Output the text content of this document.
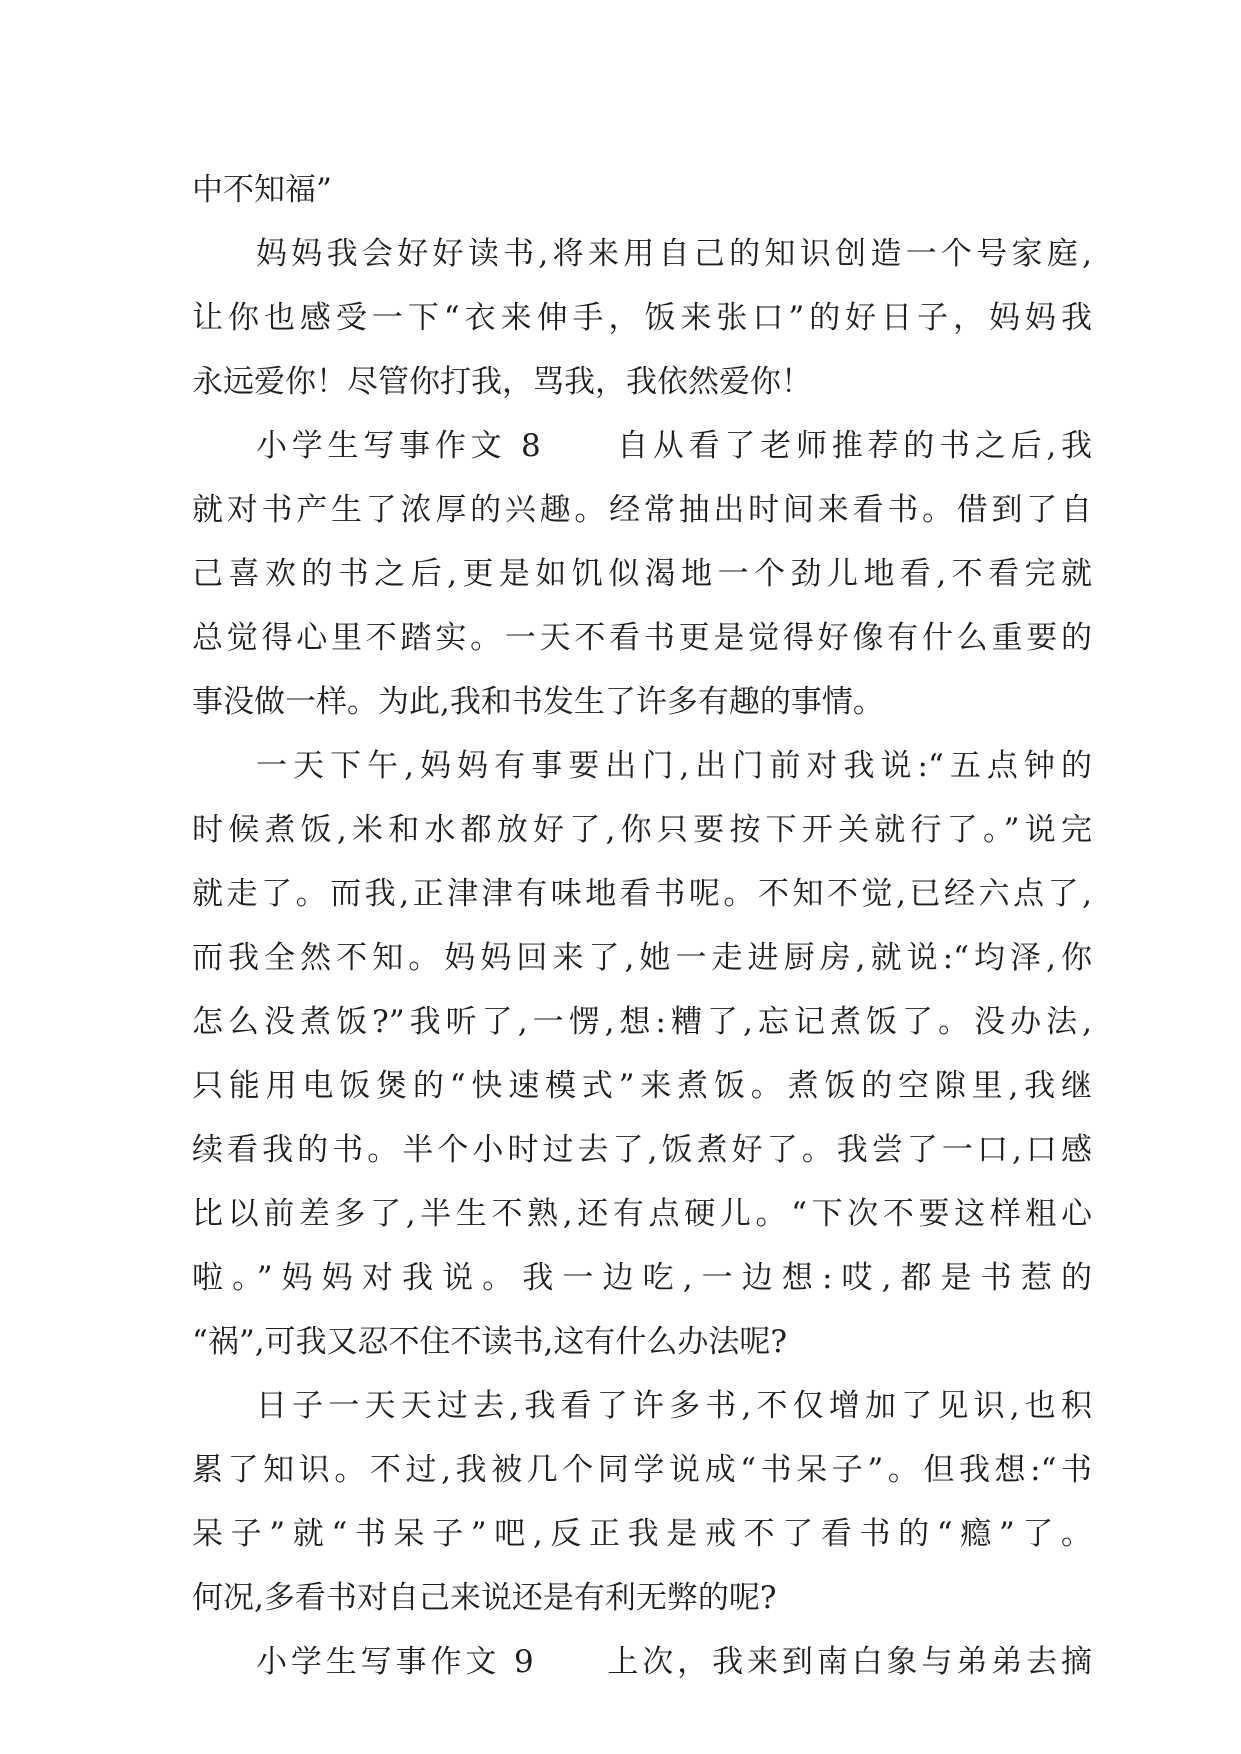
中不知福”
妈妈我会好好读书,将来用自己的知识创造一个号家庭,
让你也感受一下“衣来伸手，饭来张口”的好日子，妈妈我
永远爱你！尽管你打我，骂我，我依然爱你！
小学生写事作文 8　　自从看了老师推荐的书之后,我
就对书产生了浓厚的兴趣。经常抽出时间来看书。借到了自
己喜欢的书之后,更是如饥似渴地一个劲儿地看,不看完就
总觉得心里不踏实。一天不看书更是觉得好像有什么重要的
事没做一样。为此,我和书发生了许多有趣的事情。
一天下午,妈妈有事要出门,出门前对我说:“五点钟的
时候煮饭,米和水都放好了,你只要按下开关就行了。”说完
就走了。而我,正津津有味地看书呢。不知不觉,已经六点了,
而我全然不知。妈妈回来了,她一走进厨房,就说:“均泽,你
怎么没煮饭?”我听了,一愣,想:糟了,忘记煮饭了。没办法,
只能用电饭煲的“快速模式”来煮饭。煮饭的空隙里,我继
续看我的书。半个小时过去了,饭煮好了。我尝了一口,口感
比以前差多了,半生不熟,还有点硬儿。“下次不要这样粗心
啦。”妈妈对我说。我一边吃,一边想:哎,都是书惹的
“祸”,可我又忍不住不读书,这有什么办法呢?
日子一天天过去,我看了许多书,不仅增加了见识,也积
累了知识。不过,我被几个同学说成“书呆子”。但我想:“书
呆子”就“书呆子”吧,反正我是戒不了看书的“瘾”了。
何况,多看书对自己来说还是有利无弊的呢?
小学生写事作文 9　　上次，我来到南白象与弟弟去摘
